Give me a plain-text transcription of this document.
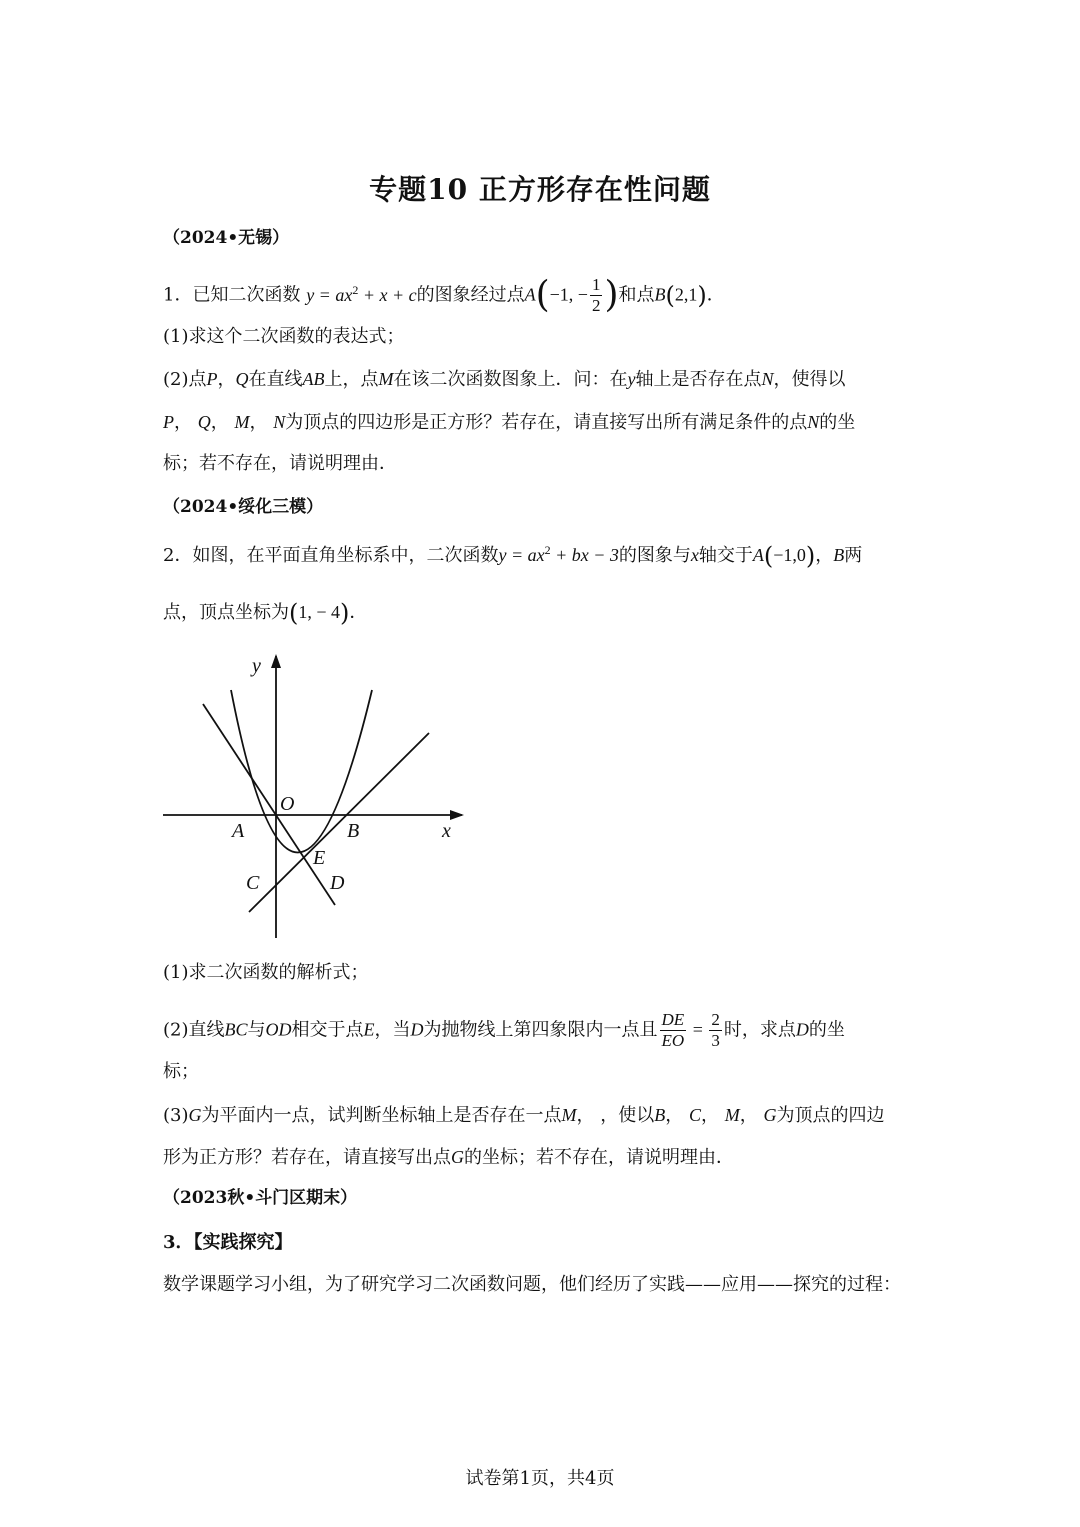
专题10 正方形存在性问题
（2024•无锡）
1．已知二次函数 $y = ax^2 + x + c$的图象经过点A(−1, − $\frac{1}{2}$ )和点B(2,1)．
(1)求这个二次函数的表达式；
(2)点P，Q在直线AB上，点M在该二次函数图象上．问：在y轴上是否存在点N，使得以
P， Q， M， N为顶点的四边形是正方形？若存在，请直接写出所有满足条件的点N的坐
标；若不存在，请说明理由．
（2024•绥化三模）
2．如图，在平面直角坐标系中，二次函数$y = ax^2$ + bx − 3的图象与x轴交于A(−1,0)，B两
点，顶点坐标为(1, − 4)．
y
O
A	B	x
E
C	D
(1)求二次函数的解析式；
(2)直线BC与OD相交于点E，当D为抛物线上第四象限内一点且 $\frac{DE}{EO} = \frac{2}{3}$ 时，求点D的坐
标；
(3)G为平面内一点，试判断坐标轴上是否存在一点M， ，使以B， C， M， G为顶点的四边
形为正方形？若存在，请直接写出点G的坐标；若不存在，请说明理由．
（2023秋•斗门区期末）
3．【实践探究】
数学课题学习小组，为了研究学习二次函数问题，他们经历了实践——应用——探究的过程：
试卷第1页，共4页
